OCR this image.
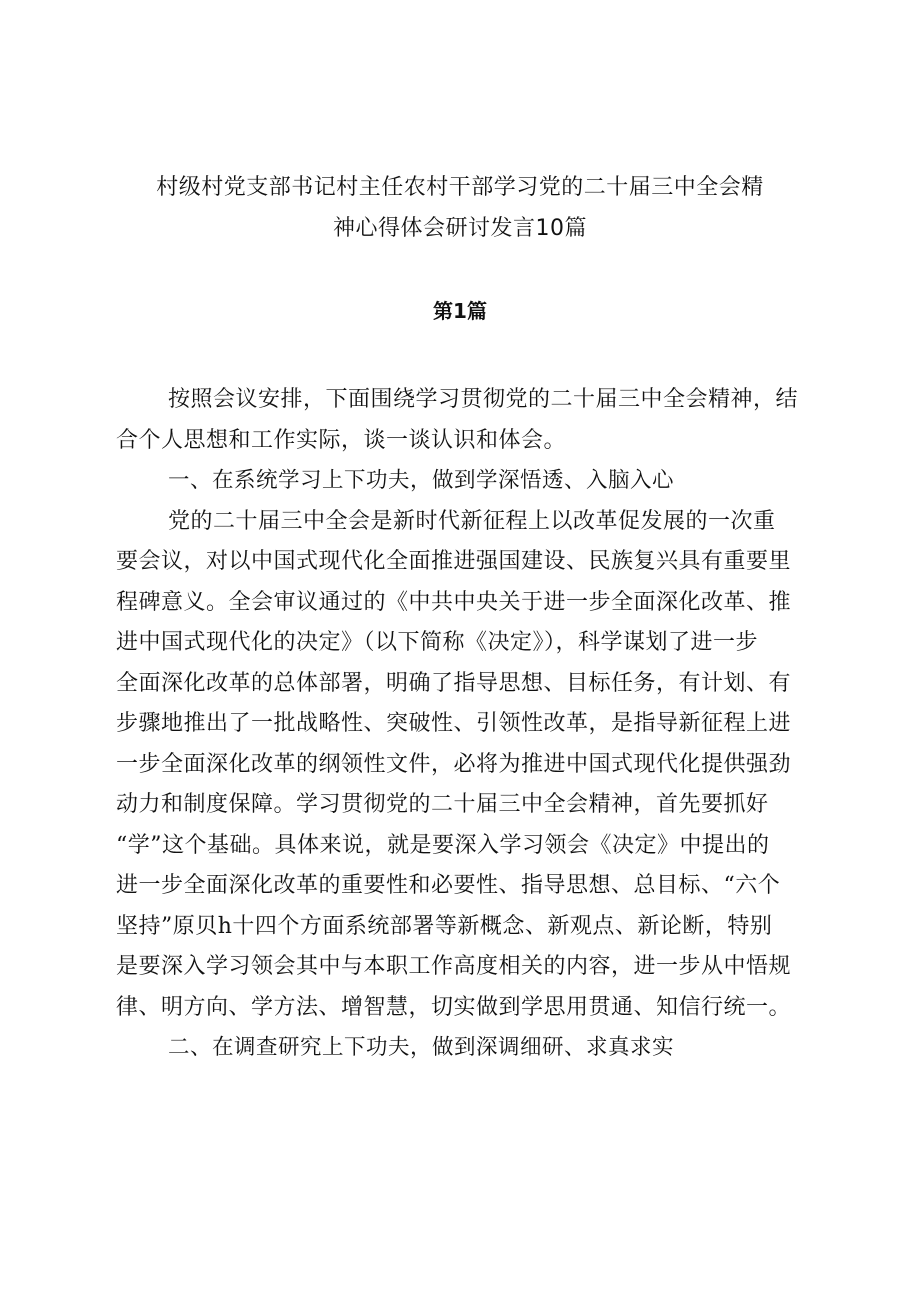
村级村党支部书记村主任农村干部学习党的二十届三中全会精
神心得体会研讨发言10篇
第1篇
按照会议安排，下面围绕学习贯彻党的二十届三中全会精神，结
合个人思想和工作实际，谈一谈认识和体会。
一、在系统学习上下功夫，做到学深悟透、入脑入心
党的二十届三中全会是新时代新征程上以改革促发展的一次重
要会议，对以中国式现代化全面推进强国建设、民族复兴具有重要里
程碑意义。全会审议通过的《中共中央关于进一步全面深化改革、推
进中国式现代化的决定》（以下简称《决定》），科学谋划了进一步
全面深化改革的总体部署，明确了指导思想、目标任务，有计划、有
步骤地推出了一批战略性、突破性、引领性改革，是指导新征程上进
一步全面深化改革的纲领性文件，必将为推进中国式现代化提供强劲
动力和制度保障。学习贯彻党的二十届三中全会精神，首先要抓好
“学”这个基础。具体来说，就是要深入学习领会《决定》中提出的
进一步全面深化改革的重要性和必要性、指导思想、总目标、“六个
坚持”原贝h十四个方面系统部署等新概念、新观点、新论断，特别
是要深入学习领会其中与本职工作高度相关的内容，进一步从中悟规
律、明方向、学方法、增智慧，切实做到学思用贯通、知信行统一。
二、在调查研究上下功夫，做到深调细研、求真求实
